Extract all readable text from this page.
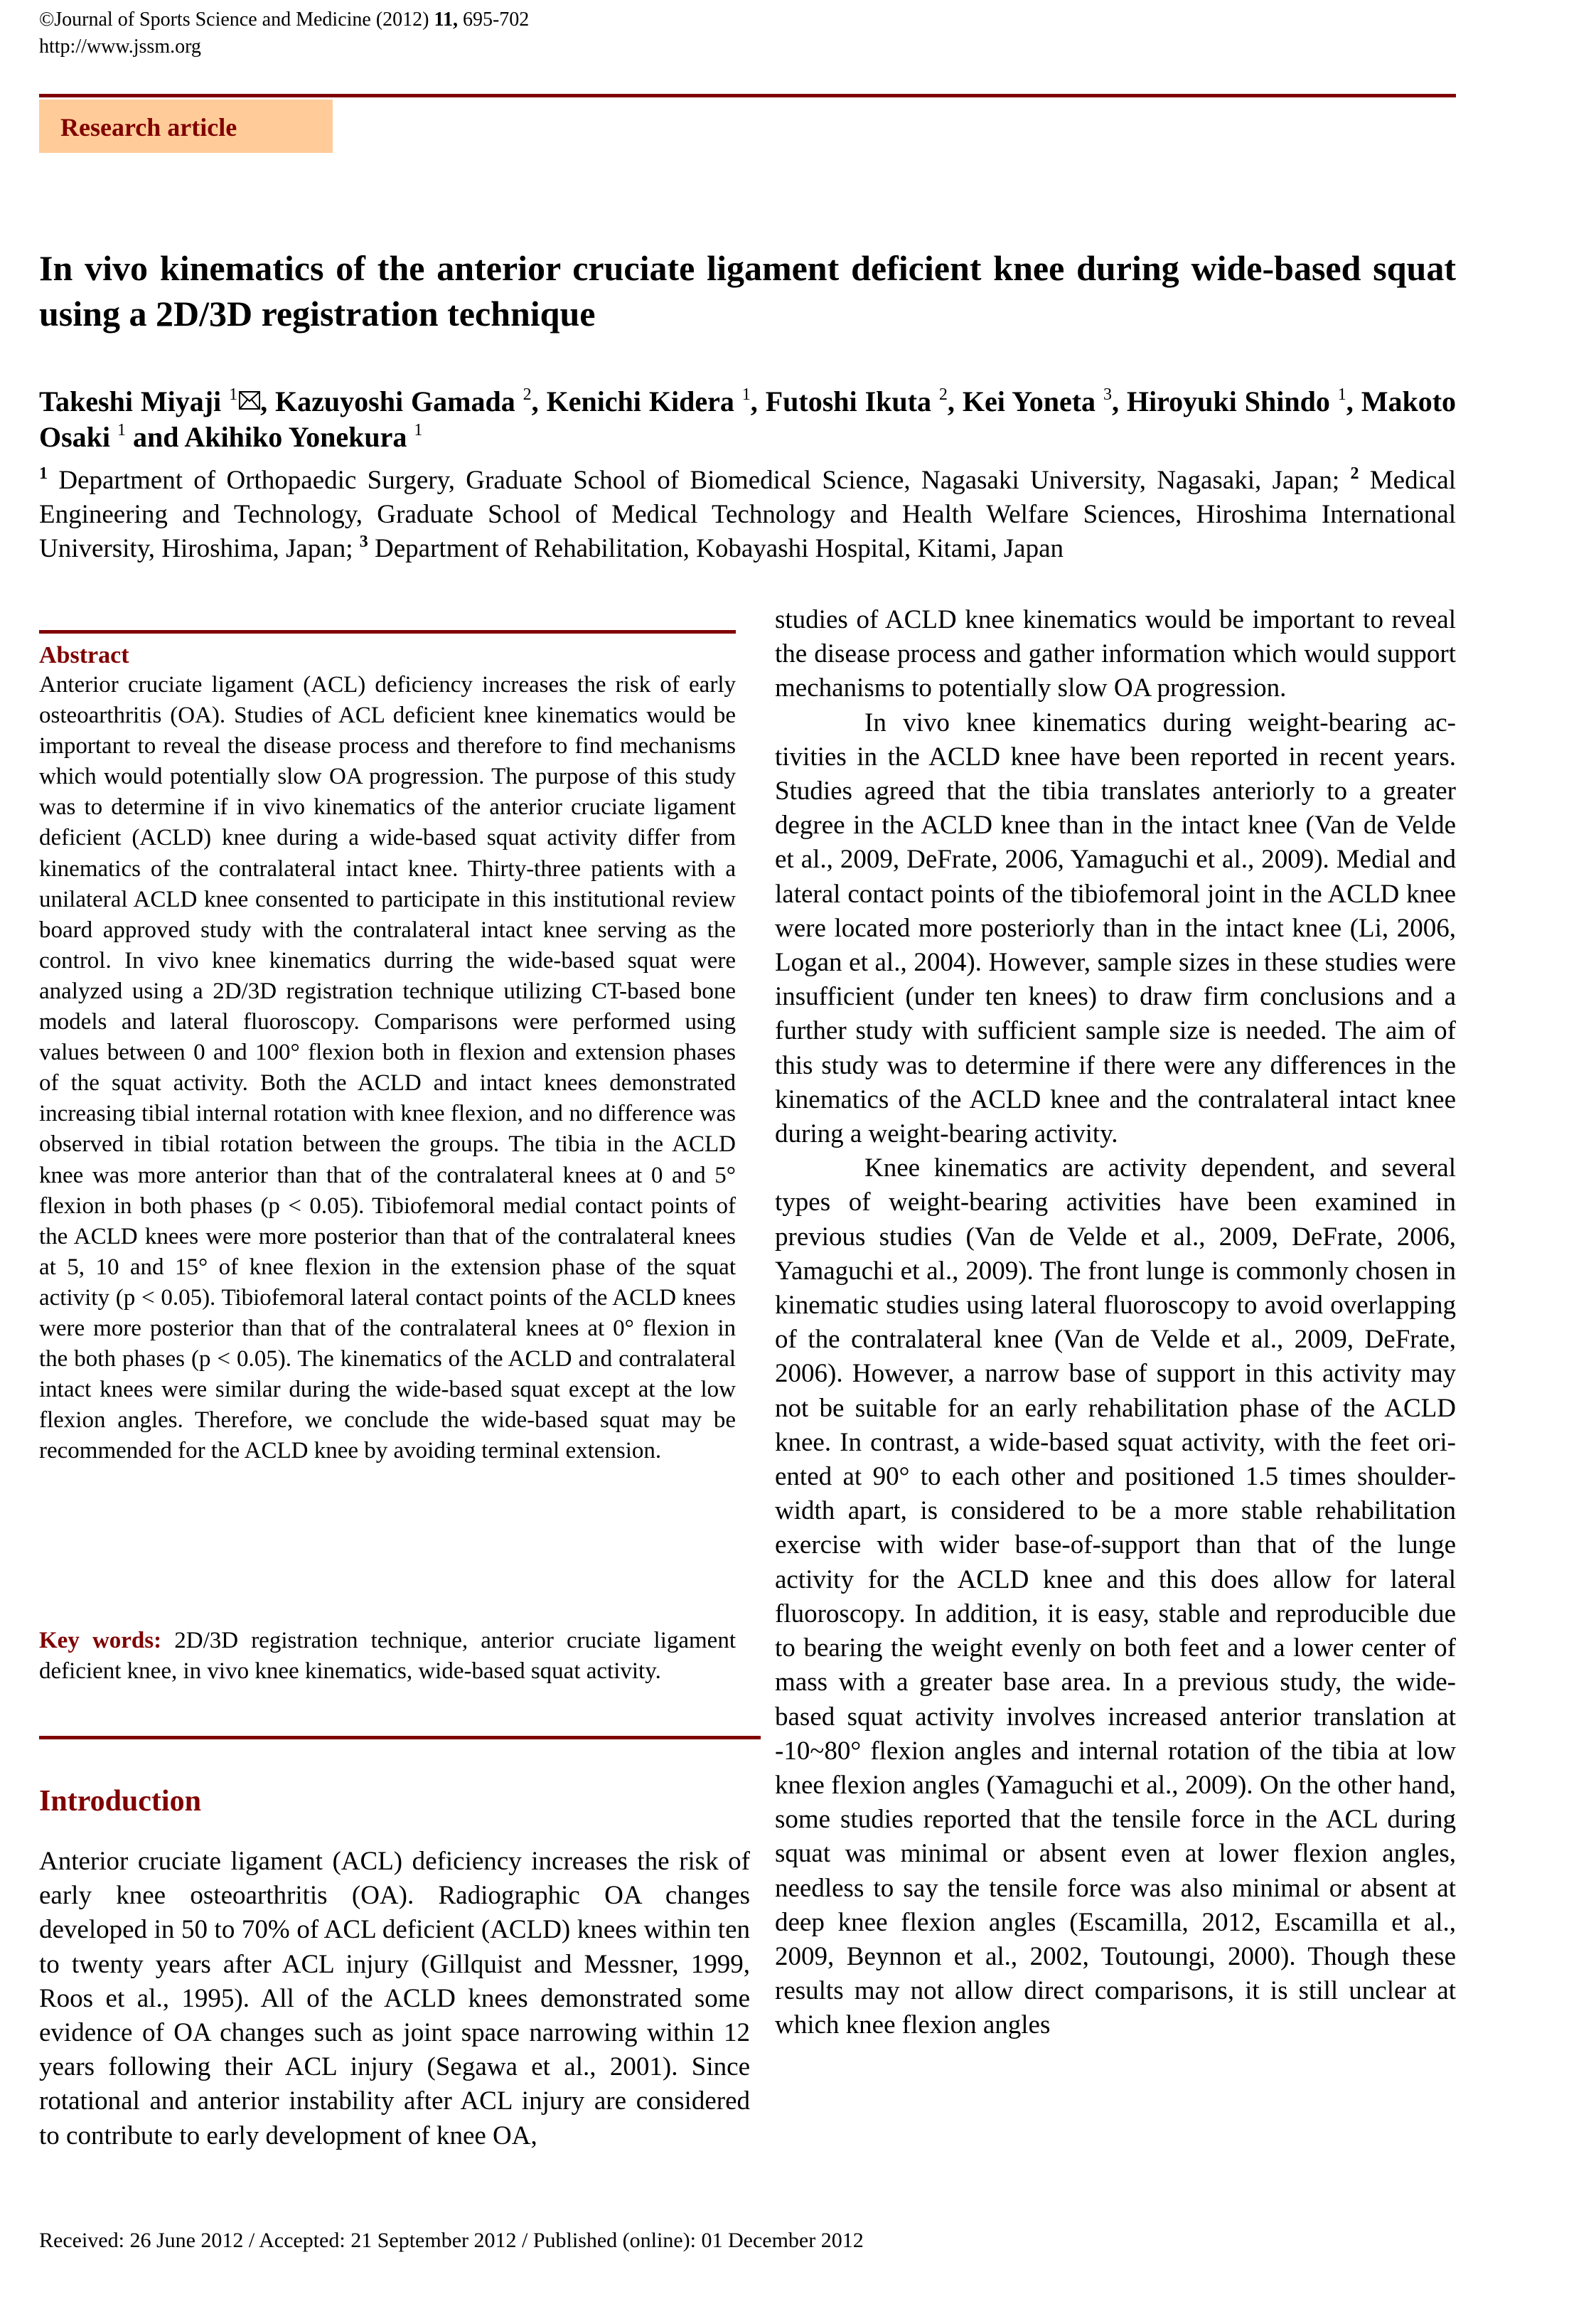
©Journal of Sports Science and Medicine (2012) 11, 695-702
http://www.jssm.org
Research article
In vivo kinematics of the anterior cruciate ligament deficient knee during wide-based squat using a 2D/3D registration technique
Takeshi Miyaji $^1$ , Kazuyoshi Gamada $^2$, Kenichi Kidera $^1$, Futoshi Ikuta $^2$, Kei Yoneta $^3$, Hiroyuki Shindo $^1$, Makoto Osaki $^1$ and Akihiko Yonekura $^1$
$^1$ Department of Orthopaedic Surgery, Graduate School of Biomedical Science, Nagasaki University, Nagasaki, Japan; $^2$ Medical Engineering and Technology, Graduate School of Medical Technology and Health Welfare Sciences, Hiroshima International University, Hiroshima, Japan; $^3$ Department of Rehabilitation, Kobayashi Hospital, Kitami, Japan
Abstract

Anterior cruciate ligament (ACL) deficiency increases the risk of early osteoarthritis (OA). Studies of ACL deficient knee kinematics would be important to reveal the disease process and therefore to find mechanisms which would potentially slow OA progression. The purpose of this study was to determine if in vivo kinematics of the anterior cruciate ligament deficient (ACLD) knee during a wide-based squat activity differ from kinematics of the contralateral intact knee. Thirty-three patients with a unilateral ACLD knee consented to participate in this institutional review board approved study with the contralateral intact knee serving as the control. In vivo knee kinematics durring the wide-based squat were analyzed using a 2D/3D registration technique utilizing CT-based bone models and lateral fluoroscopy. Comparisons were performed using values between 0 and 100° flexion both in flexion and extension phases of the squat activity. Both the ACLD and intact knees demonstrated increasing tibial internal rotation with knee flexion, and no difference was observed in tibial rotation between the groups. The tibia in the ACLD knee was more anterior than that of the contralateral knees at 0 and 5° flexion in both phases (p < 0.05). Tibiofemoral medial contact points of the ACLD knees were more posterior than that of the contralateral knees at 5, 10 and 15° of knee flexion in the extension phase of the squat activity (p < 0.05). Tibiofemoral lateral contact points of the ACLD knees were more posterior than that of the contralateral knees at 0° flexion in the both phases (p < 0.05). The kinematics of the ACLD and contralateral intact knees were similar during the wide-based squat except at the low flexion angles. Therefore, we conclude the wide-based squat may be recommended for the ACLD knee by avoiding terminal extension.

Key words: 2D/3D registration technique, anterior cruciate ligament deficient knee, in vivo knee kinematics, wide-based squat activity.
Introduction

Anterior cruciate ligament (ACL) deficiency increases the risk of early knee osteoarthritis (OA). Radiographic OA changes developed in 50 to 70% of ACL deficient (ACLD) knees within ten to twenty years after ACL injury (Gillquist and Messner, 1999, Roos et al., 1995). All of the ACLD knees demonstrated some evidence of OA changes such as joint space narrowing within 12 years following their ACL injury (Segawa et al., 2001). Since rotational and anterior instability after ACL injury are considered to contribute to early development of knee OA,

studies of ACLD knee kinematics would be important to reveal the disease process and gather information which would support mechanisms to potentially slow OA progression.

In vivo knee kinematics during weight-bearing activities in the ACLD knee have been reported in recent years. Studies agreed that the tibia translates anteriorly to a greater degree in the ACLD knee than in the intact knee (Van de Velde et al., 2009, DeFrate, 2006, Yamaguchi et al., 2009). Medial and lateral contact points of the tibiofemoral joint in the ACLD knee were located more posteriorly than in the intact knee (Li, 2006, Logan et al., 2004). However, sample sizes in these studies were insufficient (under ten knees) to draw firm conclusions and a further study with sufficient sample size is needed. The aim of this study was to determine if there were any differences in the kinematics of the ACLD knee and the contralateral intact knee during a weight-bearing activity.

Knee kinematics are activity dependent, and several types of weight-bearing activities have been examined in previous studies (Van de Velde et al., 2009, DeFrate, 2006, Yamaguchi et al., 2009). The front lunge is commonly chosen in kinematic studies using lateral fluoroscopy to avoid overlapping of the contralateral knee (Van de Velde et al., 2009, DeFrate, 2006). However, a narrow base of support in this activity may not be suitable for an early rehabilitation phase of the ACLD knee. In contrast, a wide-based squat activity, with the feet oriented at 90° to each other and positioned 1.5 times shoulder-width apart, is considered to be a more stable rehabilitation exercise with wider base-of-support than that of the lunge activity for the ACLD knee and this does allow for lateral fluoroscopy. In addition, it is easy, stable and reproducible due to bearing the weight evenly on both feet and a lower center of mass with a greater base area. In a previous study, the wide-based squat activity involves increased anterior translation at -10~80° flexion angles and internal rotation of the tibia at low knee flexion angles (Yamaguchi et al., 2009). On the other hand, some studies reported that the tensile force in the ACL during squat was minimal or absent even at lower flexion angles, needless to say the tensile force was also minimal or absent at deep knee flexion angles (Escamilla, 2012, Escamilla et al., 2009, Beynnon et al., 2002, Toutoungi, 2000). Though these results may not allow direct comparisons, it is still unclear at which knee flexion angles

Received: 26 June 2012 / Accepted: 21 September 2012 / Published (online): 01 December 2012
